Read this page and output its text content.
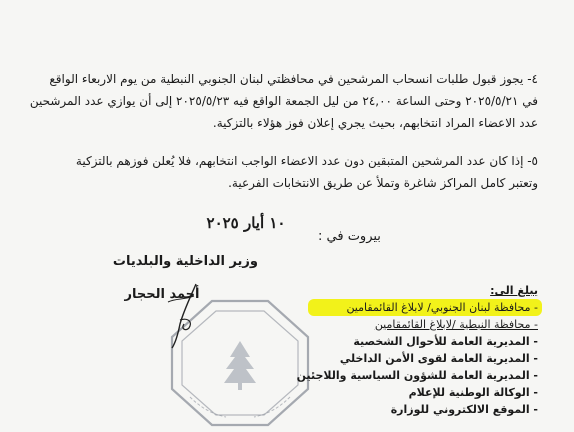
٤- يجوز قبول طلبات انسحاب المرشحين في محافظتي لبنان الجنوبي النبطية من يوم الاربعاء الواقع
في ٢٠٢٥/٥/٢١ وحتى الساعة ٢٤,٠٠ من ليل الجمعة الواقع فيه ٢٠٢٥/٥/٢٣ إلى أن يوازي عدد المرشحين
عدد الاعضاء المراد انتخابهم، بحيث يجري إعلان فوز هؤلاء بالتزكية.
٥- إذا كان عدد المرشحين المتبقين دون عدد الاعضاء الواجب انتخابهم، فلا يُعلن فوزهم بالتزكية
وتعتبر كامل المراكز شاغرة وتملأ عن طريق الانتخابات الفرعية.
١٠ أيار ٢٠٢٥
بيروت في :
وزير الداخلية والبلديات
أحمد الحجار	يبلغ الى:
- محافظة لبنان الجنوبي/ لابلاغ القائمقامين
- محافظة النبطية /لابلاغ القائمقامين
- المديرية العامة للأحوال الشخصية
- المديرية العامة لقوى الأمن الداخلي
- المديرية العامة للشؤون السياسية واللاجئين
- الوكالة الوطنية للإعلام
- الموقع الالكتروني للوزارة
